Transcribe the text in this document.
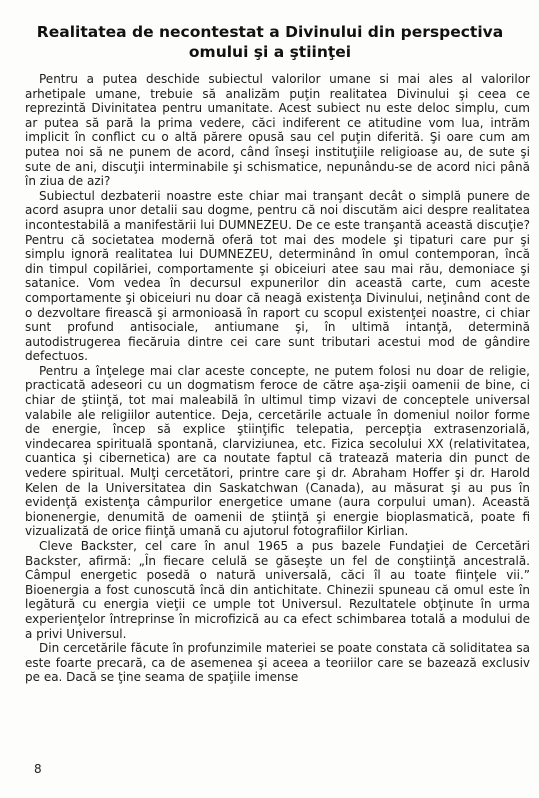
Realitatea de necontestat a Divinului din perspectiva
omului şi a ştiinţei

Pentru a putea deschide subiectul valorilor umane si mai ales al valorilor arhetipale umane, trebuie să analizăm puţin realitatea Divinului şi ceea ce reprezintă Divinitatea pentru umanitate. Acest subiect nu este deloc simplu, cum ar putea să pară la prima vedere, căci indiferent ce atitudine vom lua, intrăm implicit în conflict cu o altă părere opusă sau cel puţin diferită. Şi oare cum am putea noi să ne punem de acord, când înseşi instituţiile religioase au, de sute şi sute de ani, discuţii interminabile şi schismatice, nepunându-se de acord nici până în ziua de azi?

Subiectul dezbaterii noastre este chiar mai tranşant decât o simplă punere de acord asupra unor detalii sau dogme, pentru că noi discutăm aici despre realitatea incontestabilă a manifestării lui DUMNEZEU. De ce este tranşantă această discuţie? Pentru că societatea modernă oferă tot mai des modele şi tipaturi care pur şi simplu ignoră realitatea lui DUMNEZEU, determinând în omul contemporan, încă din timpul copilăriei, comportamente şi obiceiuri atee sau mai rău, demoniace şi satanice. Vom vedea în decursul expunerilor din această carte, cum aceste comportamente şi obiceiuri nu doar că neagă existenţa Divinului, neţinând cont de o dezvoltare firească şi armonioasă în raport cu scopul existenţei noastre, ci chiar sunt profund antisociale, antiumane şi, în ultimă intanţă, determină autodistrugerea fiecăruia dintre cei care sunt tributari acestui mod de gândire defectuos.

Pentru a înţelege mai clar aceste concepte, ne putem folosi nu doar de religie, practicată adeseori cu un dogmatism feroce de către aşa-zişii oamenii de bine, ci chiar de ştiinţă, tot mai maleabilă în ultimul timp vizavi de conceptele universal valabile ale religiilor autentice. Deja, cercetările actuale în domeniul noilor forme de energie, încep să explice ştiinţific telepatia, percepţia extrasenzorială, vindecarea spirituală spontană, clarviziunea, etc. Fizica secolului XX (relativitatea, cuantica şi cibernetica) are ca noutate faptul că tratează materia din punct de vedere spiritual. Mulţi cercetători, printre care şi dr. Abraham Hoffer şi dr. Harold Kelen de la Universitatea din Saskatchwan (Canada), au măsurat şi au pus în evidenţă existenţa câmpurilor energetice umane (aura corpului uman). Această bionenergie, denumită de oamenii de ştiinţă şi energie bioplasmatică, poate fi vizualizată de orice fiinţă umană cu ajutorul fotografiilor Kirlian.

Cleve Backster, cel care în anul 1965 a pus bazele Fundaţiei de Cercetări Backster, afirmă: „În fiecare celulă se găseşte un fel de conştiinţă ancestrală. Câmpul energetic posedă o natură universală, căci îl au toate fiinţele vii.” Bioenergia a fost cunoscută încă din antichitate. Chinezii spuneau că omul este în legătură cu energia vieţii ce umple tot Universul. Rezultatele obţinute în urma experienţelor întreprinse în microfizică au ca efect schimbarea totală a modului de a privi Universul.

Din cercetările făcute în profunzimile materiei se poate constata că soliditatea sa este foarte precară, ca de asemenea şi aceea a teoriilor care se bazează exclusiv pe ea. Dacă se ţine seama de spaţiile imense

8
